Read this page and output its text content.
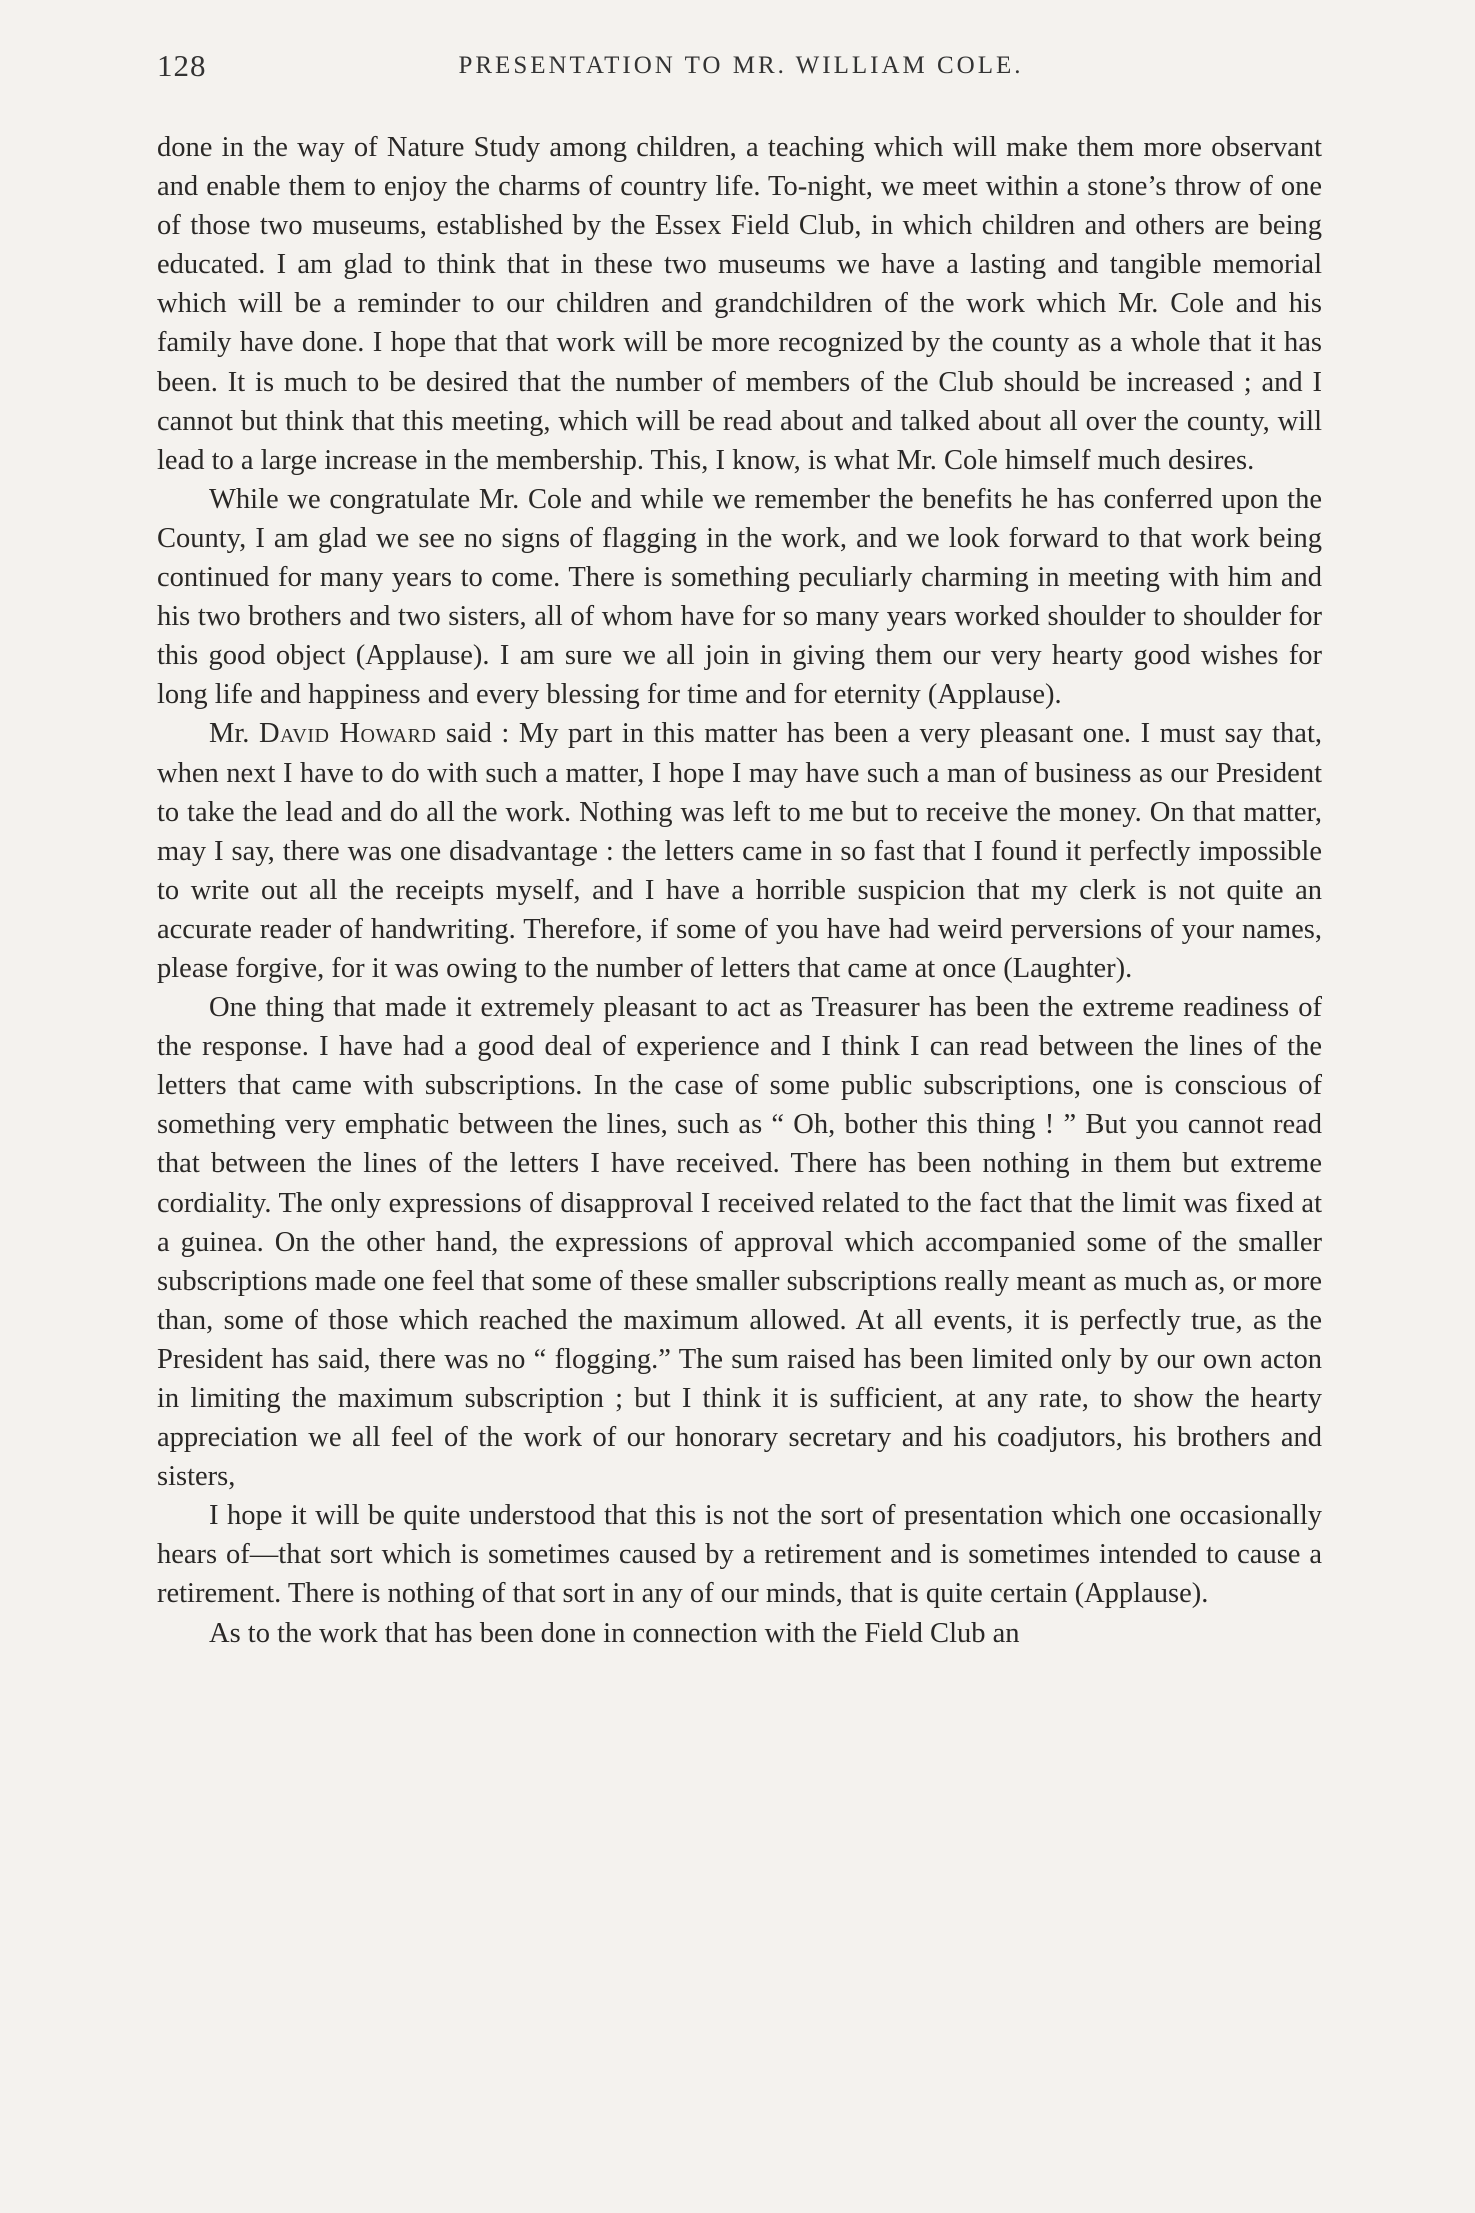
128	PRESENTATION TO MR. WILLIAM COLE.

done in the way of Nature Study among children, a teaching which will make them more observant and enable them to enjoy the charms of country life. To-night, we meet within a stone’s throw of one of those two museums, established by the Essex Field Club, in which children and others are being educated. I am glad to think that in these two museums we have a lasting and tangible memorial which will be a reminder to our children and grandchildren of the work which Mr. Cole and his family have done. I hope that that work will be more recognized by the county as a whole that it has been. It is much to be desired that the number of members of the Club should be increased ; and I cannot but think that this meeting, which will be read about and talked about all over the county, will lead to a large increase in the membership. This, I know, is what Mr. Cole himself much desires.

While we congratulate Mr. Cole and while we remember the benefits he has conferred upon the County, I am glad we see no signs of flagging in the work, and we look forward to that work being continued for many years to come. There is something peculiarly charming in meeting with him and his two brothers and two sisters, all of whom have for so many years worked shoulder to shoulder for this good object (Applause). I am sure we all join in giving them our very hearty good wishes for long life and happiness and every blessing for time and for eternity (Applause).

Mr. David Howard said : My part in this matter has been a very pleasant one. I must say that, when next I have to do with such a matter, I hope I may have such a man of business as our President to take the lead and do all the work. Nothing was left to me but to receive the money. On that matter, may I say, there was one disadvantage : the letters came in so fast that I found it perfectly impossible to write out all the receipts myself, and I have a horrible suspicion that my clerk is not quite an accurate reader of handwriting. Therefore, if some of you have had weird perversions of your names, please forgive, for it was owing to the number of letters that came at once (Laughter).

One thing that made it extremely pleasant to act as Treasurer has been the extreme readiness of the response. I have had a good deal of experience and I think I can read between the lines of the letters that came with subscriptions. In the case of some public subscriptions, one is conscious of something very emphatic between the lines, such as “ Oh, bother this thing ! ” But you cannot read that between the lines of the letters I have received. There has been nothing in them but extreme cordiality. The only expressions of disapproval I received related to the fact that the limit was fixed at a guinea. On the other hand, the expressions of approval which accompanied some of the smaller subscriptions made one feel that some of these smaller subscriptions really meant as much as, or more than, some of those which reached the maximum allowed. At all events, it is perfectly true, as the President has said, there was no “ flogging.” The sum raised has been limited only by our own acton in limiting the maximum subscription ; but I think it is sufficient, at any rate, to show the hearty appreciation we all feel of the work of our honorary secretary and his coadjutors, his brothers and sisters,

I hope it will be quite understood that this is not the sort of presentation which one occasionally hears of—that sort which is sometimes caused by a retirement and is sometimes intended to cause a retirement. There is nothing of that sort in any of our minds, that is quite certain (Applause).

As to the work that has been done in connection with the Field Club an
